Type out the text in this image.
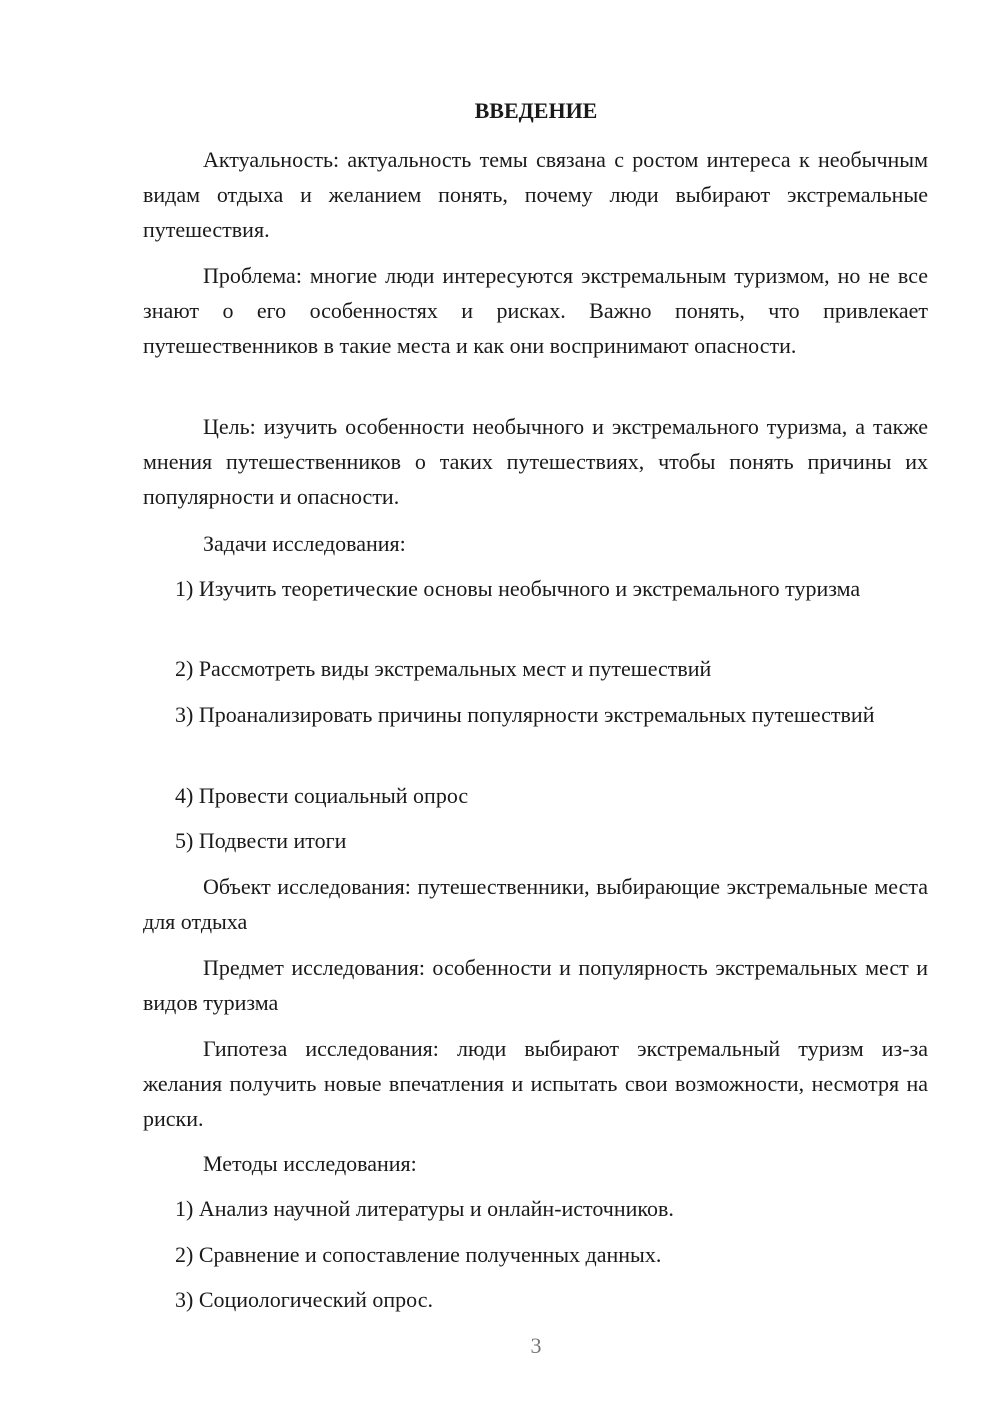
ВВЕДЕНИЕ
Актуальность: актуальность темы связана с ростом интереса к необычным видам отдыха и желанием понять, почему люди выбирают экстремальные путешествия.
Проблема: многие люди интересуются экстремальным туризмом, но не все знают о его особенностях и рисках. Важно понять, что привлекает путешественников в такие места и как они воспринимают опасности.
Цель: изучить особенности необычного и экстремального туризма, а также мнения путешественников о таких путешествиях, чтобы понять причины их популярности и опасности.
Задачи исследования:
1) Изучить теоретические основы необычного и экстремального туризма
2) Рассмотреть виды экстремальных мест и путешествий
3) Проанализировать причины популярности экстремальных путешествий
4) Провести социальный опрос
5) Подвести итоги
Объект исследования: путешественники, выбирающие экстремальные места для отдыха
Предмет исследования: особенности и популярность экстремальных мест и видов туризма
Гипотеза исследования: люди выбирают экстремальный туризм из-за желания получить новые впечатления и испытать свои возможности, несмотря на риски.
Методы исследования:
1) Анализ научной литературы и онлайн-источников.
2) Сравнение и сопоставление полученных данных.
3) Социологический опрос.
3
